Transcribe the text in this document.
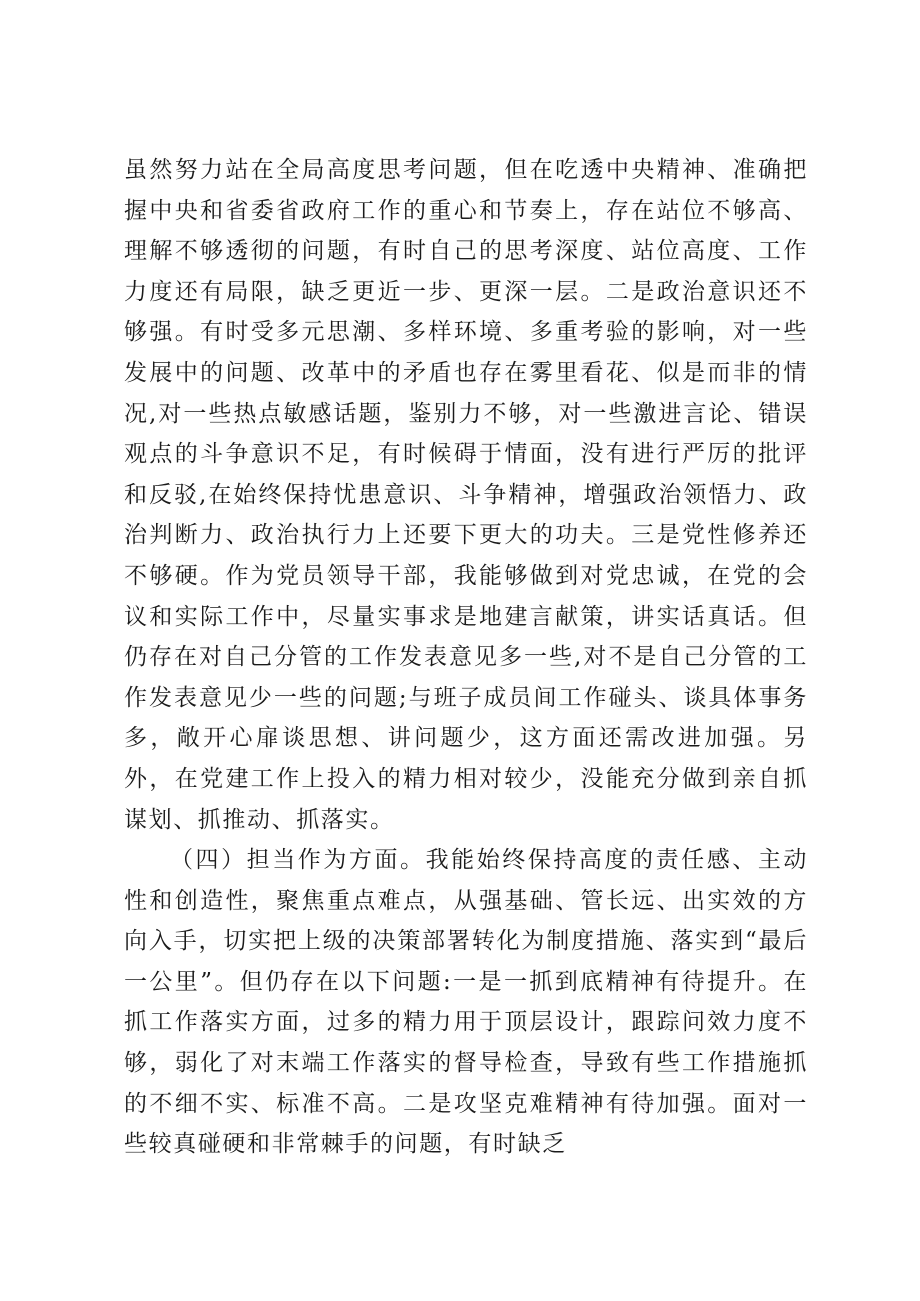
虽然努力站在全局高度思考问题，但在吃透中央精神、准确把握中央和省委省政府工作的重心和节奏上，存在站位不够高、理解不够透彻的问题，有时自己的思考深度、站位高度、工作力度还有局限，缺乏更近一步、更深一层。二是政治意识还不够强。有时受多元思潮、多样环境、多重考验的影响，对一些发展中的问题、改革中的矛盾也存在雾里看花、似是而非的情况,对一些热点敏感话题，鉴别力不够，对一些激进言论、错误观点的斗争意识不足，有时候碍于情面，没有进行严厉的批评和反驳,在始终保持忧患意识、斗争精神，增强政治领悟力、政治判断力、政治执行力上还要下更大的功夫。三是党性修养还不够硬。作为党员领导干部，我能够做到对党忠诚，在党的会议和实际工作中，尽量实事求是地建言献策，讲实话真话。但仍存在对自己分管的工作发表意见多一些,对不是自己分管的工作发表意见少一些的问题;与班子成员间工作碰头、谈具体事务多，敞开心扉谈思想、讲问题少，这方面还需改进加强。另外，在党建工作上投入的精力相对较少，没能充分做到亲自抓谋划、抓推动、抓落实。

（四）担当作为方面。我能始终保持高度的责任感、主动性和创造性，聚焦重点难点，从强基础、管长远、出实效的方向入手，切实把上级的决策部署转化为制度措施、落实到“最后一公里”。但仍存在以下问题:一是一抓到底精神有待提升。在抓工作落实方面，过多的精力用于顶层设计，跟踪问效力度不够，弱化了对末端工作落实的督导检查，导致有些工作措施抓的不细不实、标准不高。二是攻坚克难精神有待加强。面对一些较真碰硬和非常棘手的问题，有时缺乏
